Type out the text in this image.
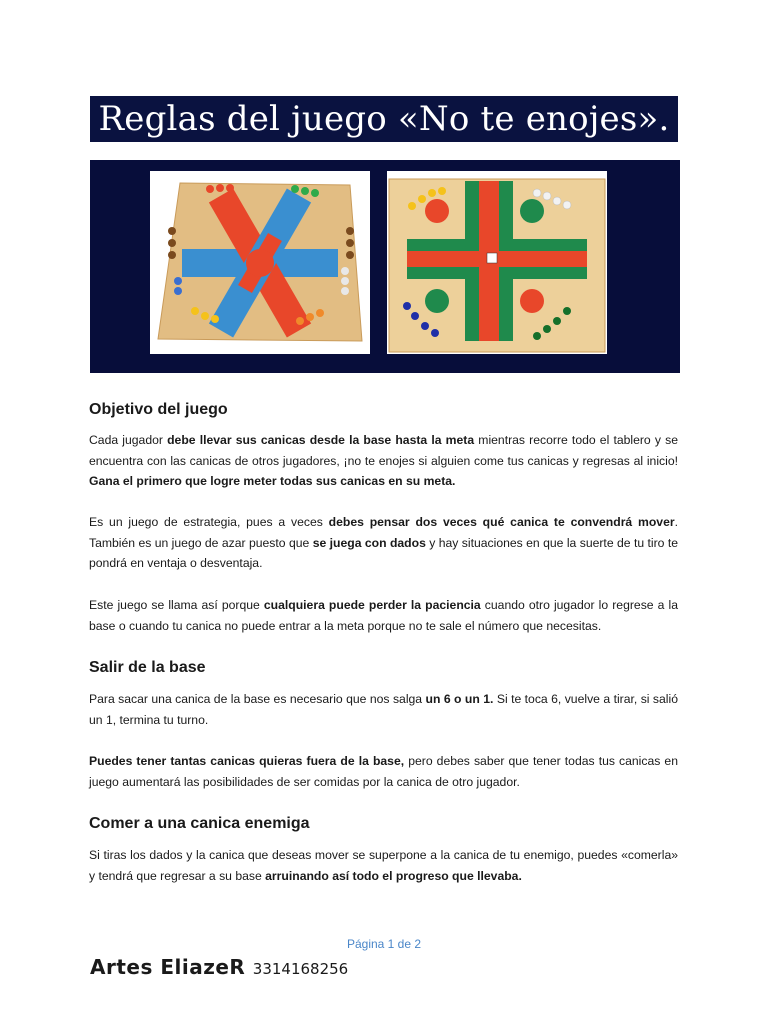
Reglas del juego «No te enojes».
Objetivo del juego
Cada jugador debe llevar sus canicas desde la base hasta la meta mientras recorre todo el tablero y se encuentra con las canicas de otros jugadores, ¡no te enojes si alguien come tus canicas y regresas al inicio! Gana el primero que logre meter todas sus canicas en su meta.
Es un juego de estrategia, pues a veces debes pensar dos veces qué canica te convendrá mover. También es un juego de azar puesto que se juega con dados y hay situaciones en que la suerte de tu tiro te pondrá en ventaja o desventaja.
Este juego se llama así porque cualquiera puede perder la paciencia cuando otro jugador lo regrese a la base o cuando tu canica no puede entrar a la meta porque no te sale el número que necesitas.
Salir de la base
Para sacar una canica de la base es necesario que nos salga un 6 o un 1. Si te toca 6, vuelve a tirar, si salió un 1, termina tu turno.
Puedes tener tantas canicas quieras fuera de la base, pero debes saber que tener todas tus canicas en juego aumentará las posibilidades de ser comidas por la canica de otro jugador.
Comer a una canica enemiga
Si tiras los dados y la canica que deseas mover se superpone a la canica de tu enemigo, puedes «comerla» y tendrá que regresar a su base arruinando así todo el progreso que llevaba.
Página 1 de 2
Artes EliazeR 3314168256
